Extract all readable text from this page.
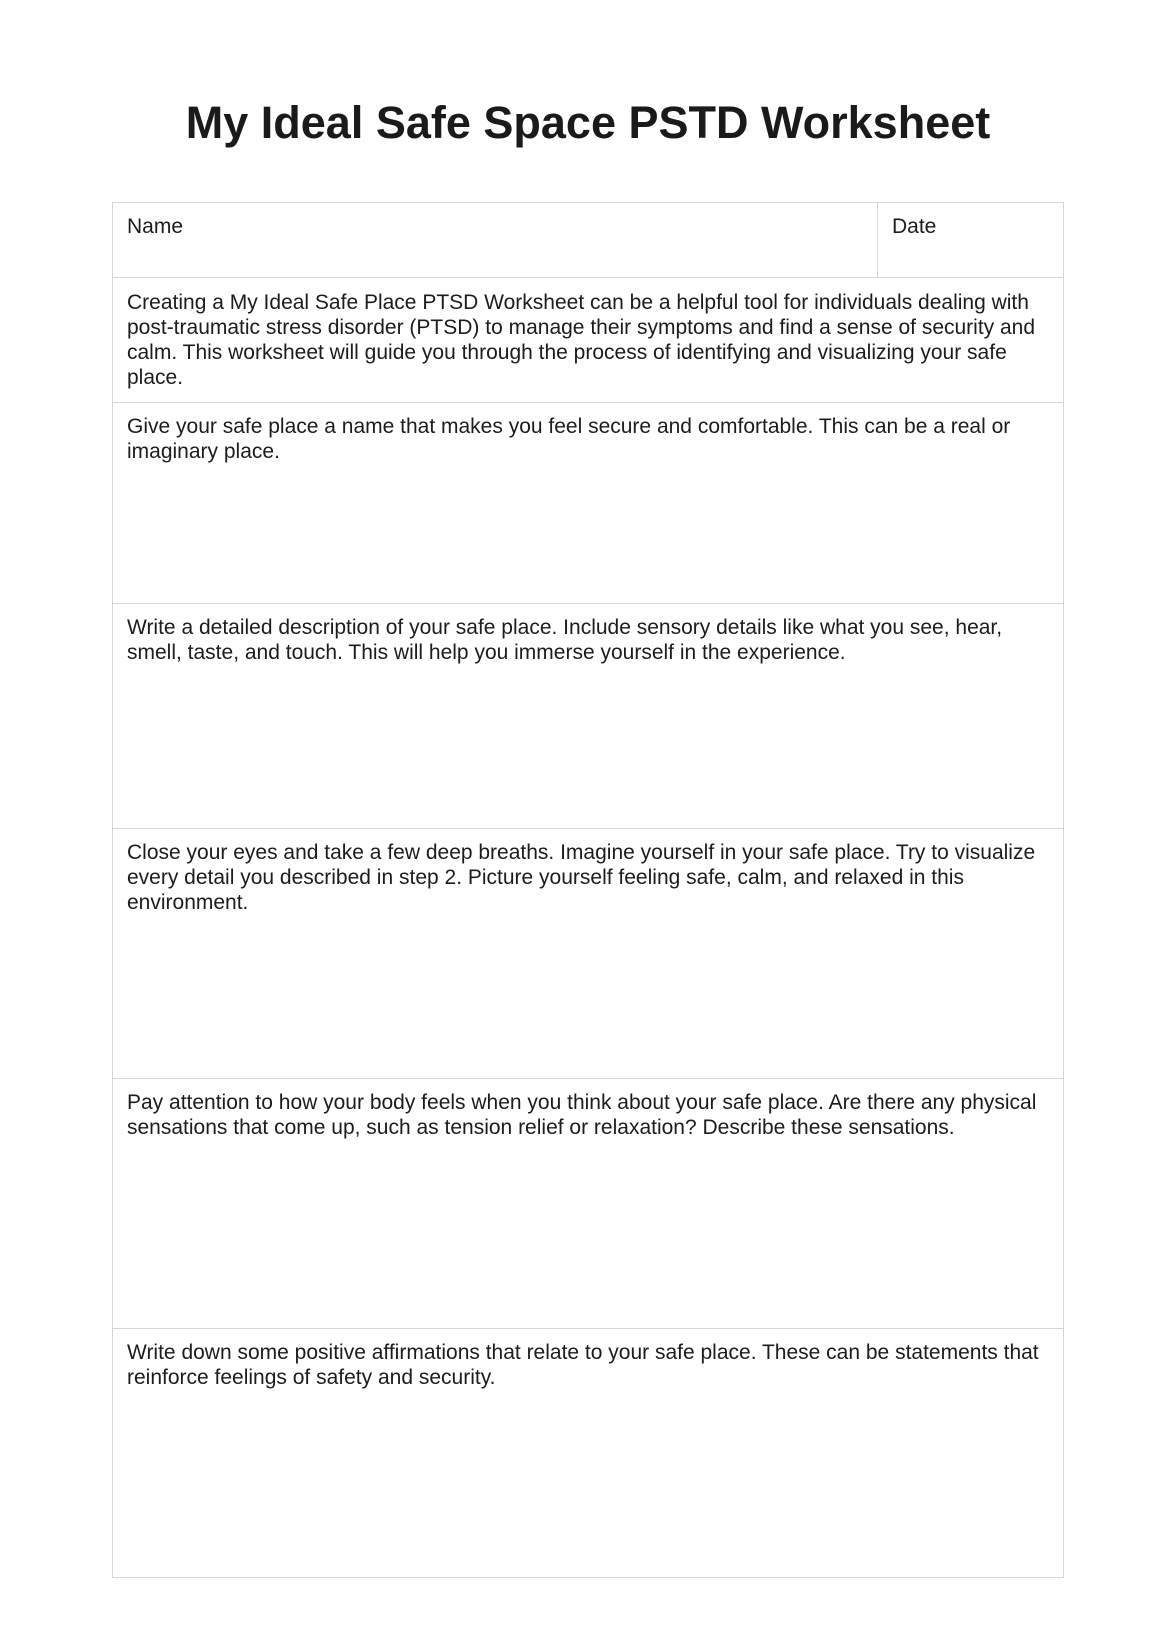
My Ideal Safe Space PSTD Worksheet
Name	Date
Creating a My Ideal Safe Place PTSD Worksheet can be a helpful tool for individuals dealing with post-traumatic stress disorder (PTSD) to manage their symptoms and find a sense of security and calm. This worksheet will guide you through the process of identifying and visualizing your safe place.
Give your safe place a name that makes you feel secure and comfortable. This can be a real or imaginary place.
Write a detailed description of your safe place. Include sensory details like what you see, hear, smell, taste, and touch. This will help you immerse yourself in the experience.
Close your eyes and take a few deep breaths. Imagine yourself in your safe place. Try to visualize every detail you described in step 2. Picture yourself feeling safe, calm, and relaxed in this environment.
Pay attention to how your body feels when you think about your safe place. Are there any physical sensations that come up, such as tension relief or relaxation? Describe these sensations.
Write down some positive affirmations that relate to your safe place. These can be statements that reinforce feelings of safety and security.
